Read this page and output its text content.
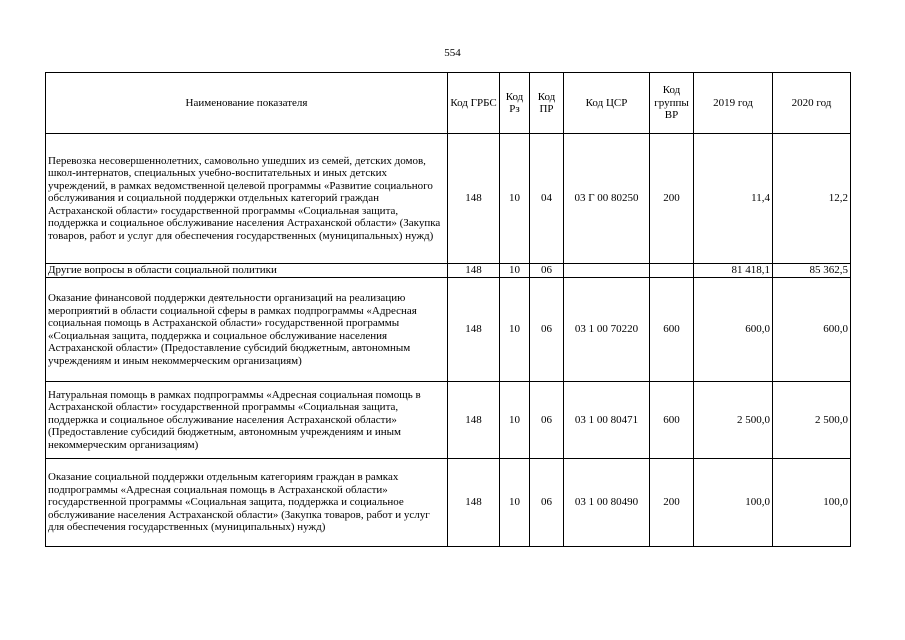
554
Наименование показателя	Код ГРБС	Код Рз	Код ПР	Код ЦСР	Код группы ВР	2019 год	2020 год
Перевозка несовершеннолетних, самовольно ушедших из семей, детских домов, школ-интернатов, специальных учебно-воспитательных и иных детских учреждений, в рамках ведомственной целевой программы «Развитие социального обслуживания и социальной поддержки отдельных категорий граждан Астраханской области» государственной программы «Социальная защита, поддержка и социальное обслуживание населения Астраханской области» (Закупка товаров, работ и услуг для обеспечения государственных (муниципальных) нужд)	148	10	04	03 Г 00 80250	200	11,4	12,2
Другие вопросы в области социальной политики	148	10	06			81 418,1	85 362,5
Оказание финансовой поддержки деятельности организаций на реализацию мероприятий в области социальной сферы в рамках подпрограммы «Адресная социальная помощь в Астраханской области» государственной программы «Социальная защита, поддержка и социальное обслуживание населения Астраханской области» (Предоставление субсидий бюджетным, автономным учреждениям и иным некоммерческим организациям)	148	10	06	03 1 00 70220	600	600,0	600,0
Натуральная помощь в рамках подпрограммы «Адресная социальная помощь в Астраханской области» государственной программы «Социальная защита, поддержка и социальное обслуживание населения Астраханской области» (Предоставление субсидий бюджетным, автономным учреждениям и иным некоммерческим организациям)	148	10	06	03 1 00 80471	600	2 500,0	2 500,0
Оказание социальной поддержки отдельным категориям граждан в рамках подпрограммы «Адресная социальная помощь в Астраханской области» государственной программы «Социальная защита, поддержка и социальное обслуживание населения Астраханской области» (Закупка товаров, работ и услуг для обеспечения государственных (муниципальных) нужд)	148	10	06	03 1 00 80490	200	100,0	100,0
